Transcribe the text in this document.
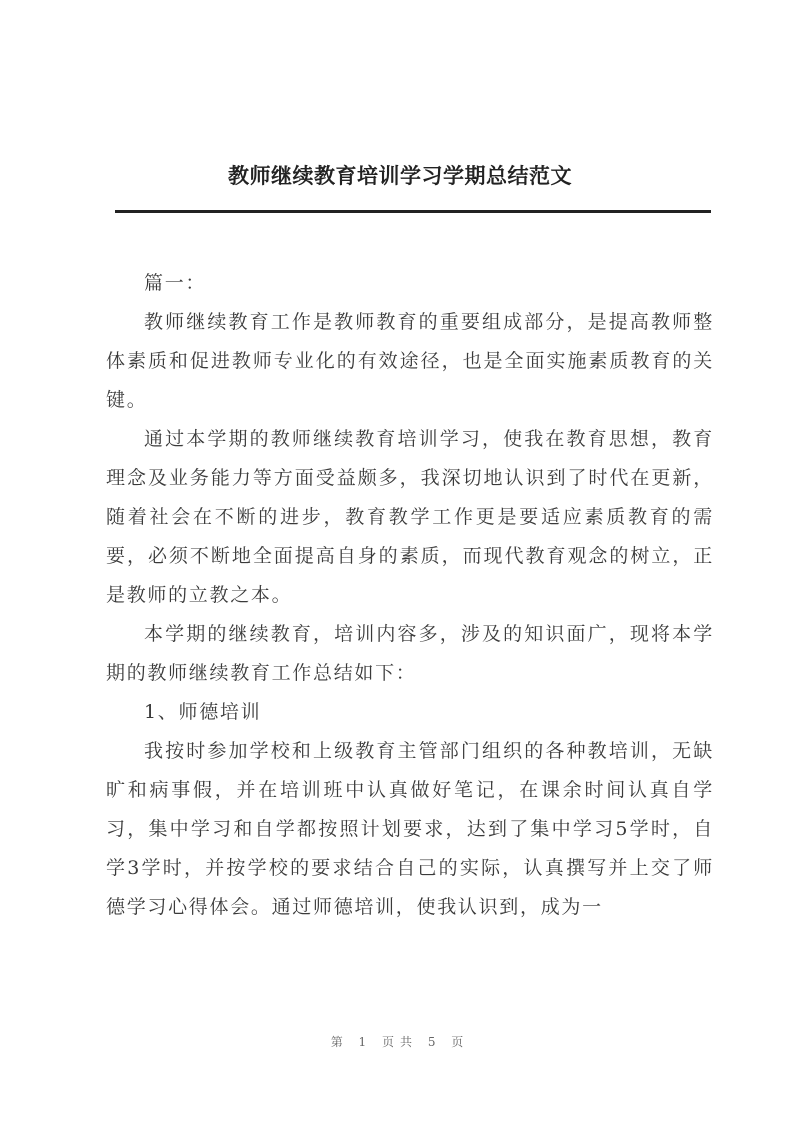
教师继续教育培训学习学期总结范文

篇一：

教师继续教育工作是教师教育的重要组成部分，是提高教师整体素质和促进教师专业化的有效途径，也是全面实施素质教育的关键。

通过本学期的教师继续教育培训学习，使我在教育思想，教育理念及业务能力等方面受益颇多，我深切地认识到了时代在更新，随着社会在不断的进步，教育教学工作更是要适应素质教育的需要，必须不断地全面提高自身的素质，而现代教育观念的树立，正是教师的立教之本。

本学期的继续教育，培训内容多，涉及的知识面广，现将本学期的教师继续教育工作总结如下：

1、师德培训

我按时参加学校和上级教育主管部门组织的各种教培训，无缺旷和病事假，并在培训班中认真做好笔记，在课余时间认真自学习，集中学习和自学都按照计划要求，达到了集中学习5学时，自学3学时，并按学校的要求结合自己的实际，认真撰写并上交了师德学习心得体会。通过师德培训，使我认识到，成为一

第 1 页共 5 页
